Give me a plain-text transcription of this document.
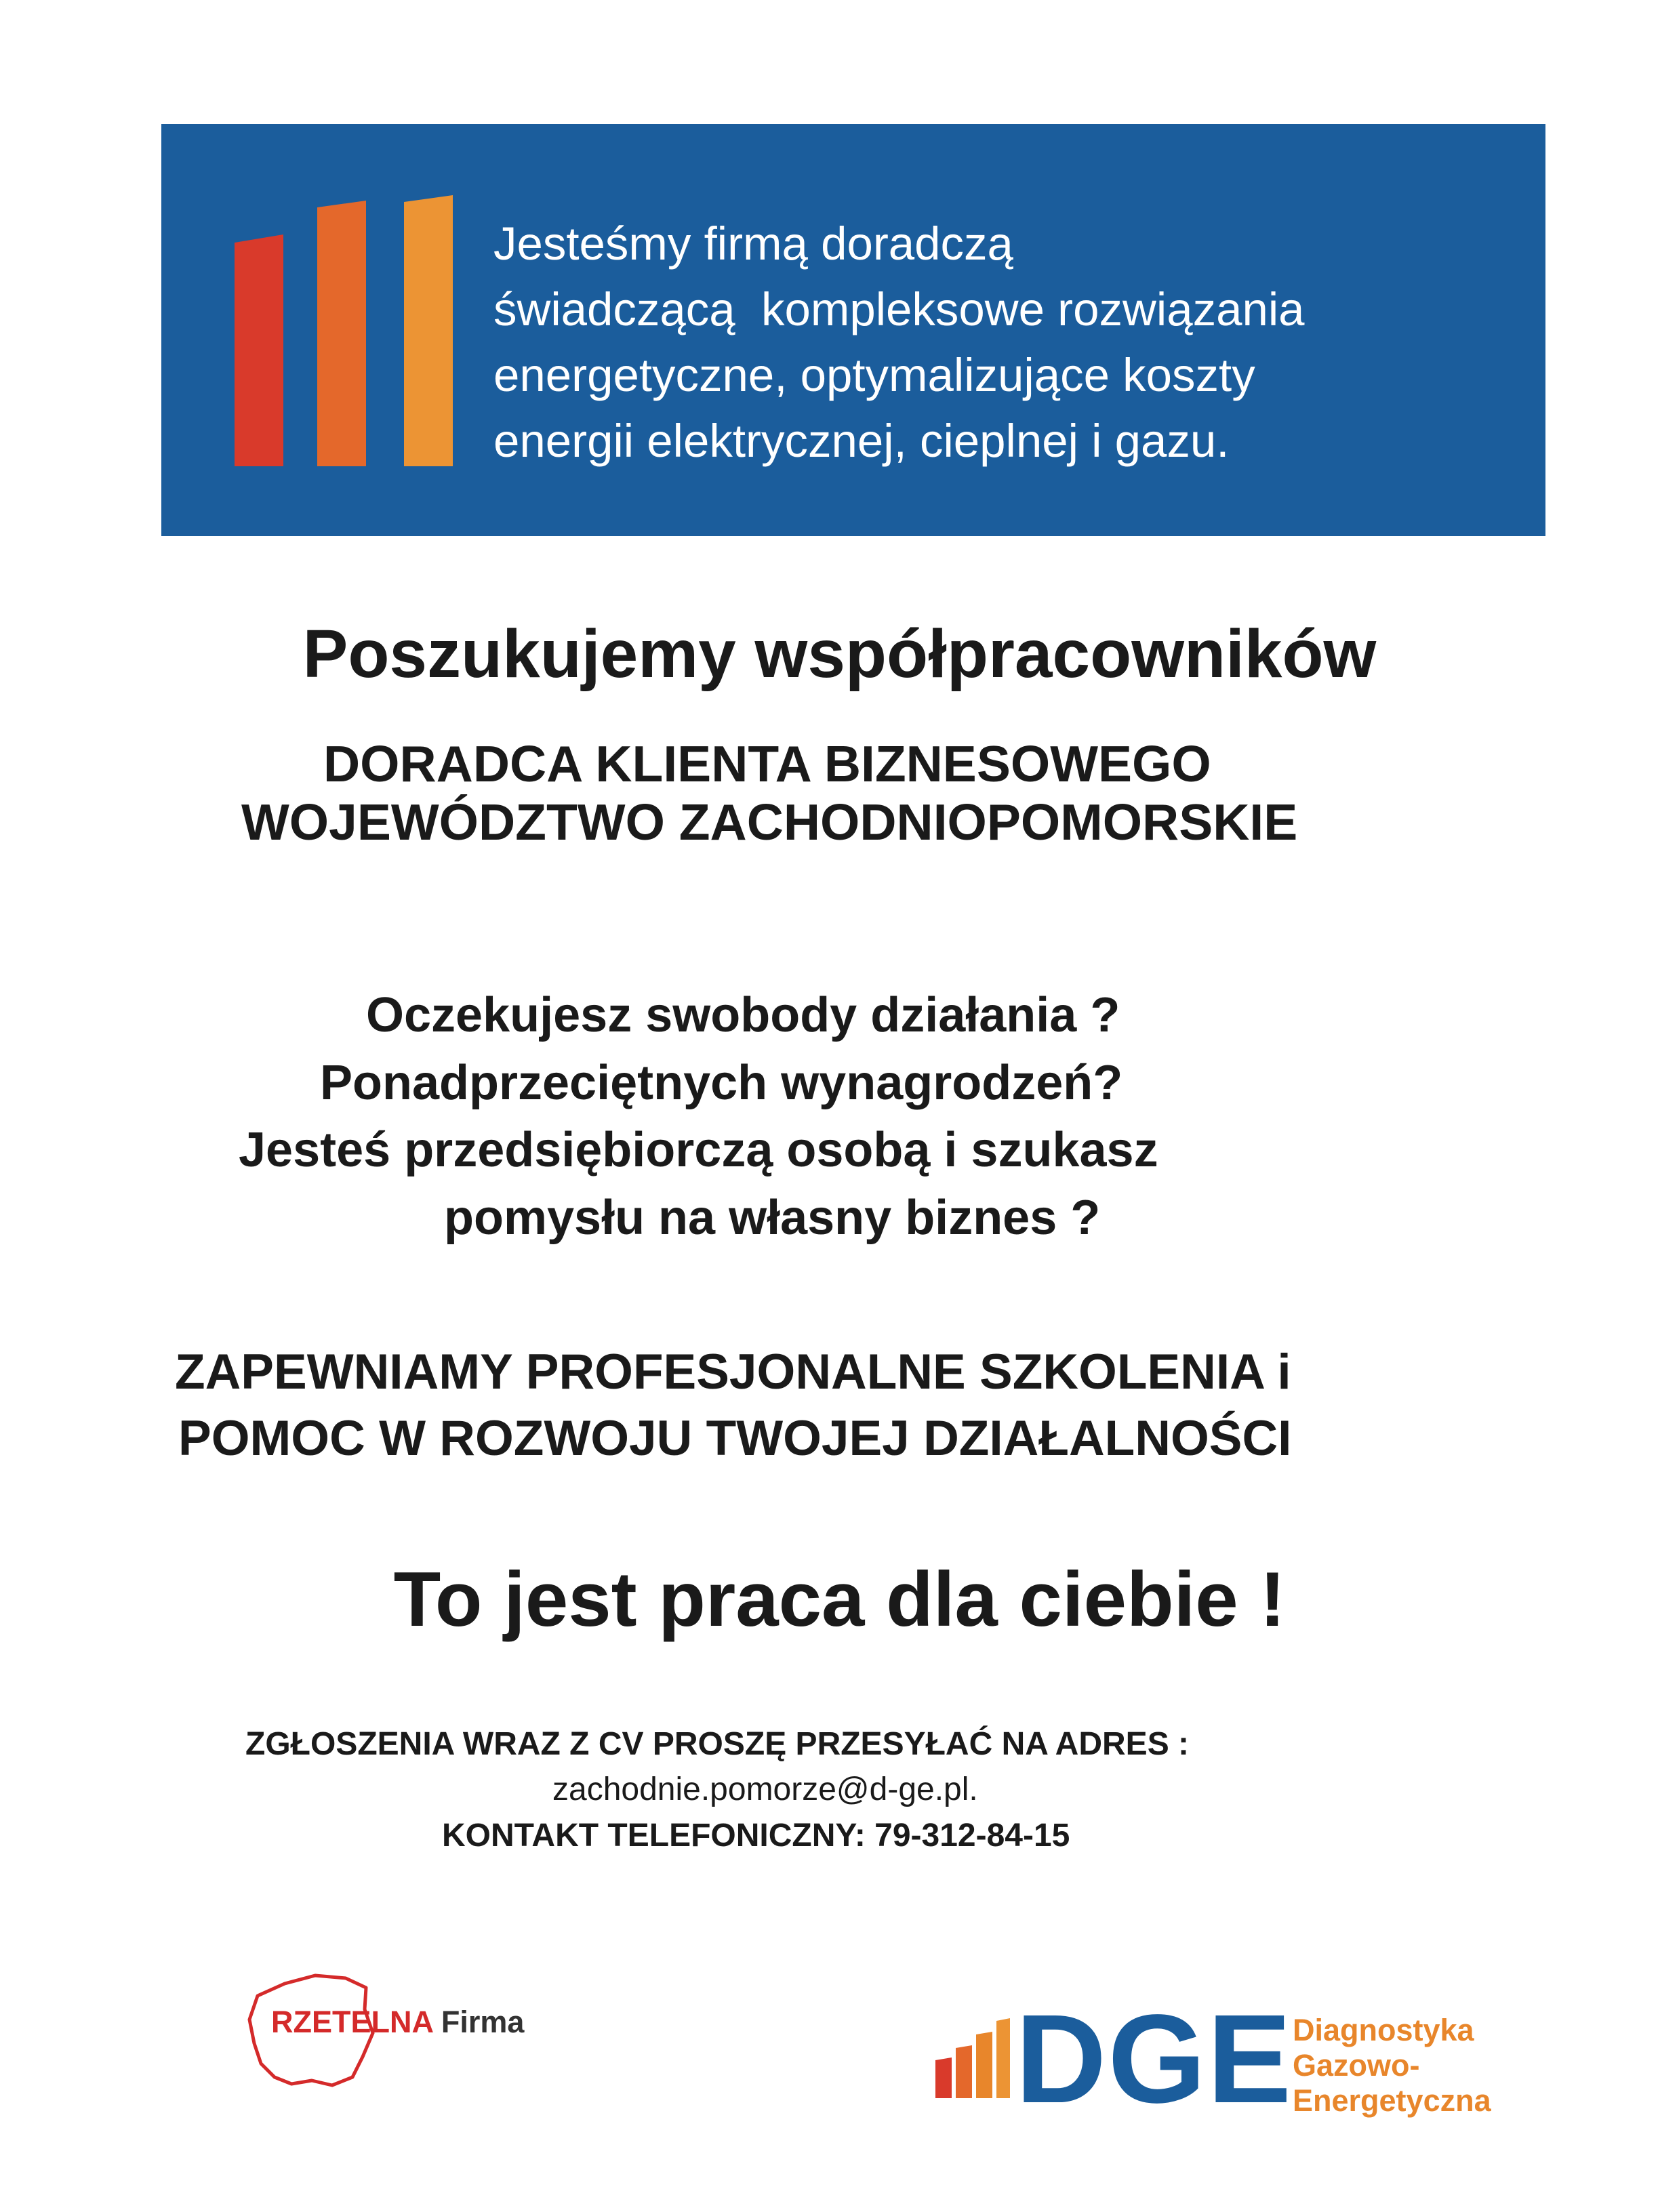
Jesteśmy firmą doradczą
świadczącą  kompleksowe rozwiązania
energetyczne, optymalizujące koszty
energii elektrycznej, cieplnej i gazu.
Poszukujemy współpracowników
DORADCA KLIENTA BIZNESOWEGO
WOJEWÓDZTWO ZACHODNIOPOMORSKIE
Oczekujesz swobody działania ?
Ponadprzeciętnych wynagrodzeń?
Jesteś przedsiębiorczą osobą i szukasz
pomysłu na własny biznes ?
ZAPEWNIAMY PROFESJONALNE SZKOLENIA i
POMOC W ROZWOJU TWOJEJ DZIAŁALNOŚCI
To jest praca dla ciebie !
ZGŁOSZENIA WRAZ Z CV PROSZĘ PRZESYŁAĆ NA ADRES :
zachodnie.pomorze@d-ge.pl.
KONTAKT TELEFONICZNY: 79-312-84-15
RZETELNA Firma	DGE Diagnostyka
Gazowo-
Energetyczna
